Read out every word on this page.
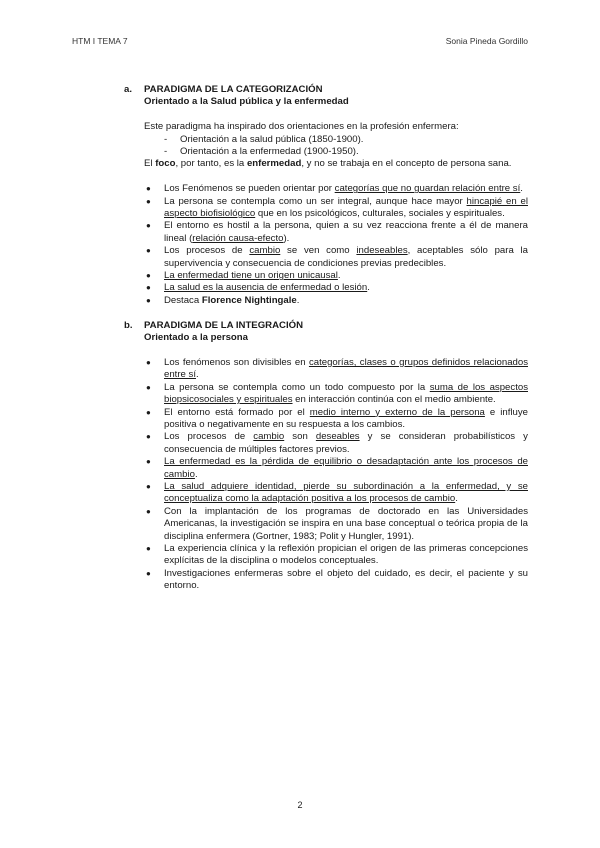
HTM I TEMA 7	Sonia Pineda Gordillo
a. PARADIGMA DE LA CATEGORIZACIÓN
Orientado a la Salud pública y la enfermedad

Este paradigma ha inspirado dos orientaciones en la profesión enfermera:

- Orientación a la salud pública (1850-1900).
- Orientación a la enfermedad (1900-1950).

El foco, por tanto, es la enfermedad, y no se trabaja en el concepto de persona sana.

● Los Fenómenos se pueden orientar por categorías que no guardan relación entre sí.
● La persona se contempla como un ser integral, aunque hace mayor hincapié en el aspecto biofisiológico que en los psicológicos, culturales, sociales y espirituales.
● El entorno es hostil a la persona, quien a su vez reacciona frente a él de manera lineal (relación causa-efecto).
● Los procesos de cambio se ven como indeseables, aceptables sólo para la supervivencia y consecuencia de condiciones previas predecibles.
● La enfermedad tiene un origen unicausal.
● La salud es la ausencia de enfermedad o lesión.
● Destaca Florence Nightingale.
b. PARADIGMA DE LA INTEGRACIÓN
Orientado a la persona
● Los fenómenos son divisibles en categorías, clases o grupos definidos relacionados entre sí.
● La persona se contempla como un todo compuesto por la suma de los aspectos biopsicosociales y espirituales en interacción continúa con el medio ambiente.
● El entorno está formado por el medio interno y externo de la persona e influye positiva o negativamente en su respuesta a los cambios.
● Los procesos de cambio son deseables y se consideran probabilísticos y consecuencia de múltiples factores previos.
● La enfermedad es la pérdida de equilibrio o desadaptación ante los procesos de cambio.
● La salud adquiere identidad, pierde su subordinación a la enfermedad, y se conceptualiza como la adaptación positiva a los procesos de cambio.
● Con la implantación de los programas de doctorado en las Universidades Americanas, la investigación se inspira en una base conceptual o teórica propia de la disciplina enfermera (Gortner, 1983; Polit y Hungler, 1991).
● La experiencia clínica y la reflexión propician el origen de las primeras concepciones explícitas de la disciplina o modelos conceptuales.
● Investigaciones enfermeras sobre el objeto del cuidado, es decir, el paciente y su entorno.
2
